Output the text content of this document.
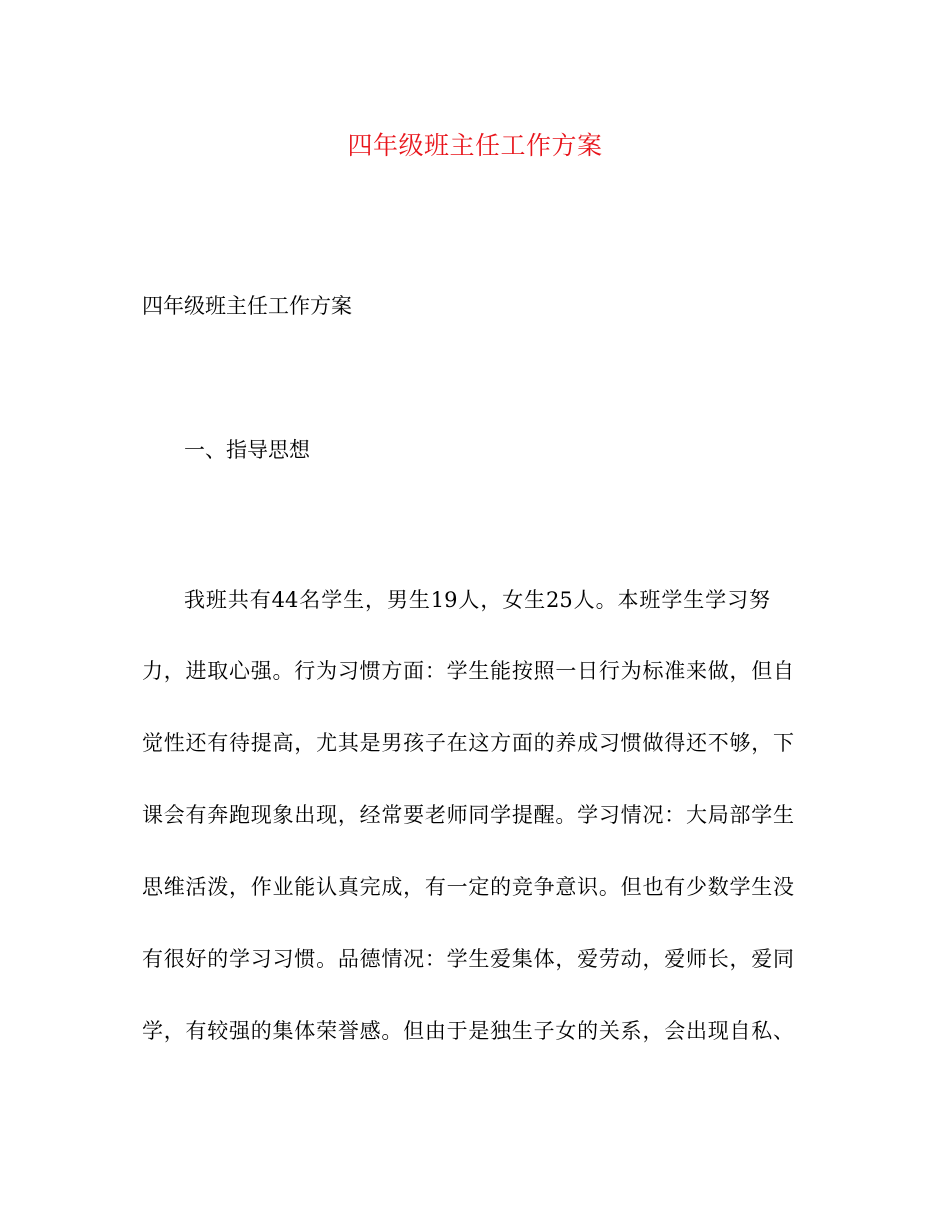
四年级班主任工作方案
四年级班主任工作方案
一、指导思想
我班共有44名学生，男生19人，女生25人。本班学生学习努
力，进取心强。行为习惯方面：学生能按照一日行为标准来做，但自
觉性还有待提高，尤其是男孩子在这方面的养成习惯做得还不够，下
课会有奔跑现象出现，经常要老师同学提醒。学习情况：大局部学生
思维活泼，作业能认真完成，有一定的竞争意识。但也有少数学生没
有很好的学习习惯。品德情况：学生爱集体，爱劳动，爱师长，爱同
学，有较强的集体荣誉感。但由于是独生子女的关系，会出现自私、
